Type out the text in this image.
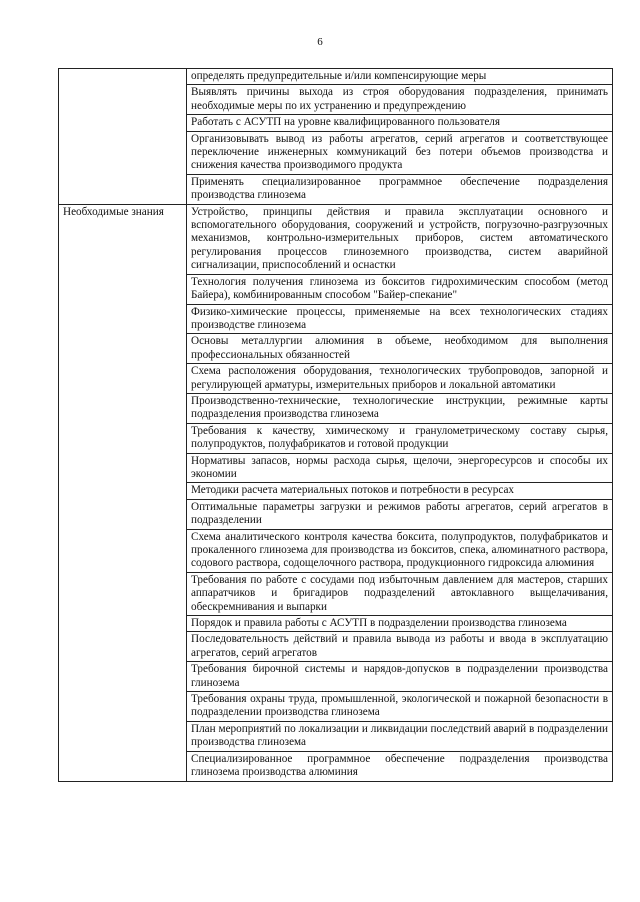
6
	определять предупредительные и/или компенсирующие меры
	Выявлять причины выхода из строя оборудования подразделения, принимать необходимые меры по их устранению и предупреждению
	Работать с АСУТП на уровне квалифицированного пользователя
	Организовывать вывод из работы агрегатов, серий агрегатов и соответствующее переключение инженерных коммуникаций без потери объемов производства и снижения качества производимого продукта
	Применять специализированное программное обеспечение подразделения производства глинозема
Необходимые знания	Устройство, принципы действия и правила эксплуатации основного и вспомогательного оборудования, сооружений и устройств, погрузочно-разгрузочных механизмов, контрольно-измерительных приборов, систем автоматического регулирования процессов глиноземного производства, систем аварийной сигнализации, приспособлений и оснастки
	Технология получения глинозема из бокситов гидрохимическим способом (метод Байера), комбинированным способом "Байер-спекание"
	Физико-химические процессы, применяемые на всех технологических стадиях производстве глинозема
	Основы металлургии алюминия в объеме, необходимом для выполнения профессиональных обязанностей
	Схема расположения оборудования, технологических трубопроводов, запорной и регулирующей арматуры, измерительных приборов и локальной автоматики
	Производственно-технические, технологические инструкции, режимные карты подразделения производства глинозема
	Требования к качеству, химическому и гранулометрическому составу сырья, полупродуктов, полуфабрикатов и готовой продукции
	Нормативы запасов, нормы расхода сырья, щелочи, энергоресурсов и способы их экономии
	Методики расчета материальных потоков и потребности в ресурсах
	Оптимальные параметры загрузки и режимов работы агрегатов, серий агрегатов в подразделении
	Схема аналитического контроля качества боксита, полупродуктов, полуфабрикатов и прокаленного глинозема для производства из бокситов, спека, алюминатного раствора, содового раствора, содощелочного раствора, продукционного гидроксида алюминия
	Требования по работе с сосудами под избыточным давлением для мастеров, старших аппаратчиков и бригадиров подразделений автоклавного выщелачивания, обескремнивания и выпарки
	Порядок и правила работы с АСУТП в подразделении производства глинозема
	Последовательность действий и правила вывода из работы и ввода в эксплуатацию агрегатов, серий агрегатов
	Требования бирочной системы и нарядов-допусков в подразделении производства глинозема
	Требования охраны труда, промышленной, экологической и пожарной безопасности в подразделении производства глинозема
	План мероприятий по локализации и ликвидации последствий аварий в подразделении производства глинозема
	Специализированное программное обеспечение подразделения производства глинозема производства алюминия
